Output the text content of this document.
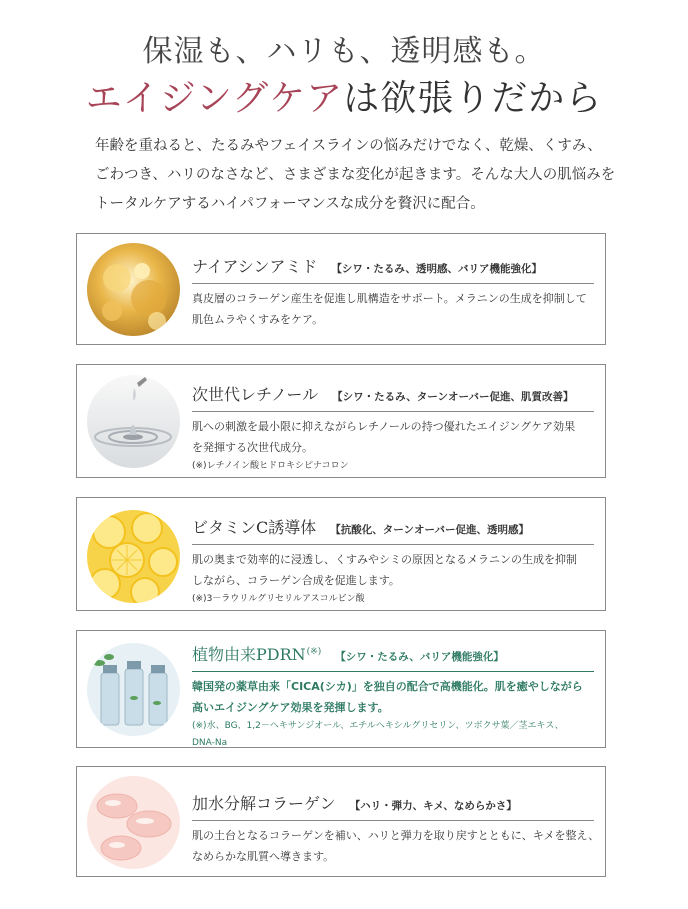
保湿も、ハリも、透明感も。
エイジングケアは欲張りだから
年齢を重ねると、たるみやフェイスラインの悩みだけでなく、乾燥、くすみ、
ごわつき、ハリのなさなど、さまざまな変化が起きます。そんな大人の肌悩みを
トータルケアするハイパフォーマンスな成分を贅沢に配合。
ナイアシンアミド 【シワ・たるみ、透明感、バリア機能強化】
真皮層のコラーゲン産生を促進し肌構造をサポート。メラニンの生成を抑制して
肌色ムラやくすみをケア。
次世代レチノール 【シワ・たるみ、ターンオーバー促進、肌質改善】
肌への刺激を最小限に抑えながらレチノールの持つ優れたエイジングケア効果
を発揮する次世代成分。
(※)レチノイン酸ヒドロキシピナコロン
ビタミンC誘導体 【抗酸化、ターンオーバー促進、透明感】
肌の奥まで効率的に浸透し、くすみやシミの原因となるメラニンの生成を抑制
しながら、コラーゲン合成を促進します。
(※)3－ラウリルグリセリルアスコルビン酸
植物由来PDRN(※) 【シワ・たるみ、バリア機能強化】
韓国発の薬草由来「CICA(シカ)」を独自の配合で高機能化。肌を癒やしながら
高いエイジングケア効果を発揮します。
(※)水、BG、1,2－ヘキサンジオール、エチルヘキシルグリセリン、ツボクサ葉／茎エキス、
DNA-Na
加水分解コラーゲン 【ハリ・弾力、キメ、なめらかさ】
肌の土台となるコラーゲンを補い、ハリと弾力を取り戻すとともに、キメを整え、
なめらかな肌質へ導きます。
